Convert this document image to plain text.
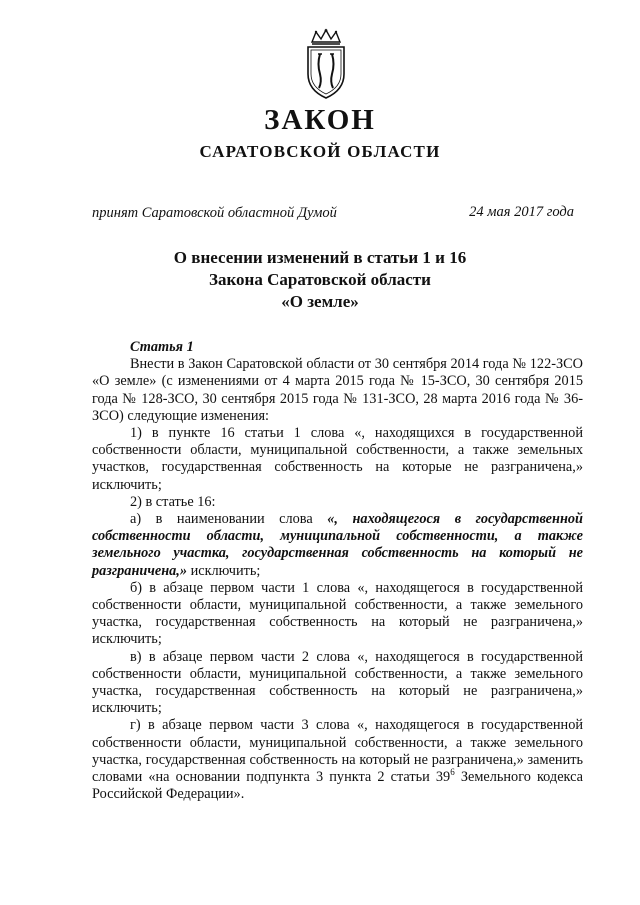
ЗАКОН
САРАТОВСКОЙ ОБЛАСТИ
принят Саратовской областной Думой	24 мая 2017 года
О внесении изменений в статьи 1 и 16
Закона Саратовской области
«О земле»

Статья 1

Внести в Закон Саратовской области от 30 сентября 2014 года № 122-ЗСО «О земле» (с изменениями от 4 марта 2015 года № 15-ЗСО, 30 сентября 2015 года № 128-ЗСО, 30 сентября 2015 года № 131-ЗСО, 28 марта 2016 года № 36-ЗСО) следующие изменения:

1) в пункте 16 статьи 1 слова «, находящихся в государственной собственности области, муниципальной собственности, а также земельных участков, государственная собственность на которые не разграничена,» исключить;

2) в статье 16:

а) в наименовании слова «, находящегося в государственной собственности области, муниципальной собственности, а также земельного участка, государственная собственность на который не разграничена,» исключить;

б) в абзаце первом части 1 слова «, находящегося в государственной собственности области, муниципальной собственности, а также земельного участка, государственная собственность на который не разграничена,» исключить;

в) в абзаце первом части 2 слова «, находящегося в государственной собственности области, муниципальной собственности, а также земельного участка, государственная собственность на который не разграничена,» исключить;

г) в абзаце первом части 3 слова «, находящегося в государственной собственности области, муниципальной собственности, а также земельного участка, государственная собственность на который не разграничена,» заменить словами «на основании подпункта 3 пункта 2 статьи $39^6$ Земельного кодекса Российской Федерации».
